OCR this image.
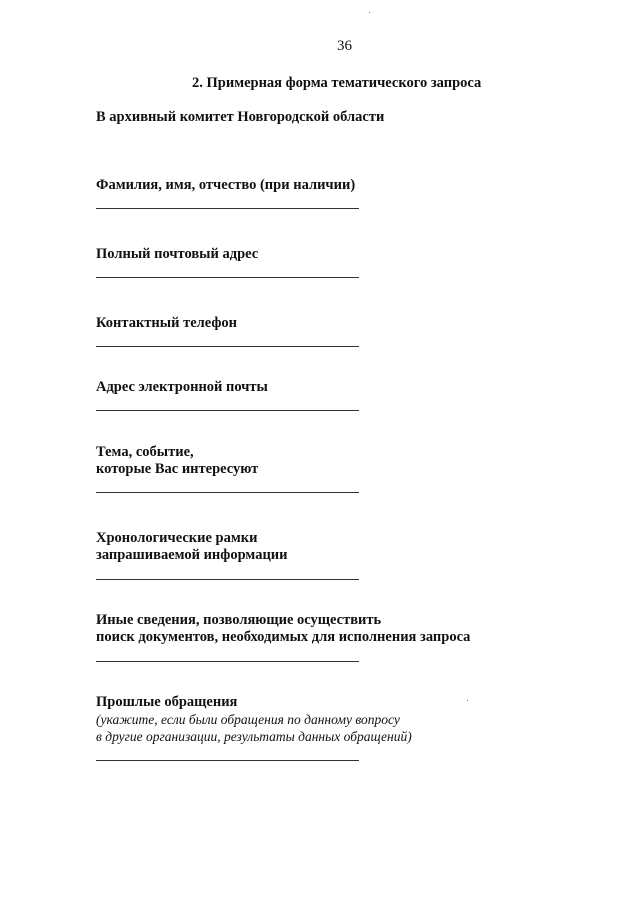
36
2. Примерная форма тематического запроса
В архивный комитет Новгородской области
Фамилия, имя, отчество (при наличии)
Полный почтовый адрес
Контактный телефон
Адрес электронной почты
Тема, событие,
которые Вас интересуют
Хронологические рамки
запрашиваемой информации
Иные сведения, позволяющие осуществить
поиск документов, необходимых для исполнения запроса
Прошлые обращения
(укажите, если были обращения по данному вопросу
в другие организации, результаты данных обращений)
